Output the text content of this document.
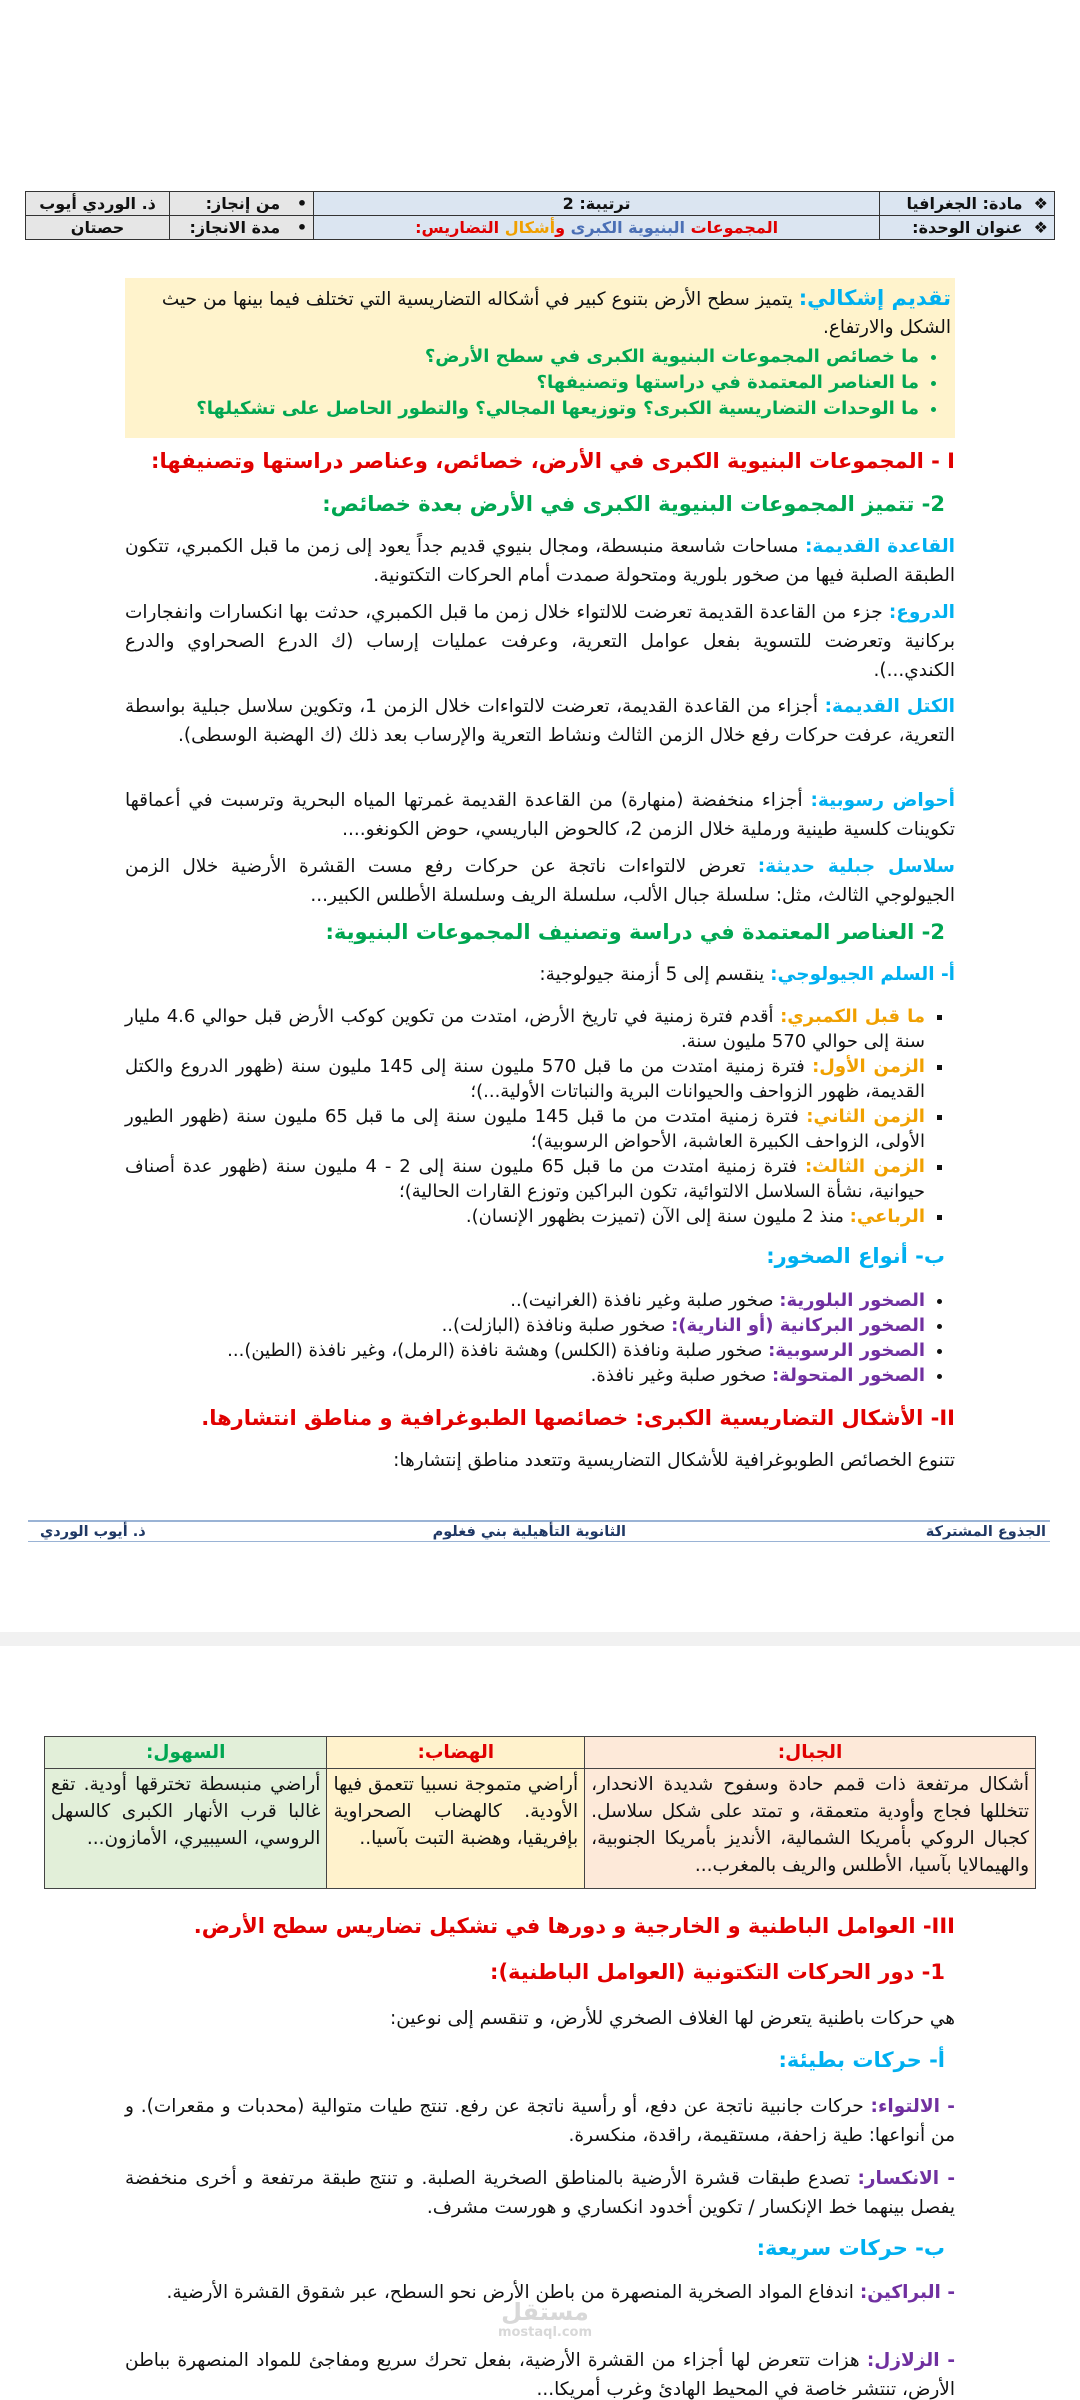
❖  مادة: الجغرافيا	ترتيبة: 2	•   من إنجاز:	ذ. الوردي أيوب
❖  عنوان الوحدة:	المجموعات البنيوية الكبرى وأشكال التضاريس:	•   مدة الانجاز:	حصتان
تقديم إشكالي: يتميز سطح الأرض بتنوع كبير في أشكاله التضاريسية التي تختلف فيما بينها من حيث الشكل والارتفاع.
• ما خصائص المجموعات البنيوية الكبرى في سطح الأرض؟
• ما العناصر المعتمدة في دراستها وتصنيفها؟
• ما الوحدات التضاريسية الكبرى؟ وتوزيعها المجالي؟ والتطور الحاصل على تشكيلها؟
I - المجموعات البنيوية الكبرى في الأرض، خصائص، وعناصر دراستها وتصنيفها:
2- تتميز المجموعات البنيوية الكبرى في الأرض بعدة خصائص:
القاعدة القديمة: مساحات شاسعة منبسطة، ومجال بنيوي قديم جداً يعود إلى زمن ما قبل الكمبري، تتكون الطبقة الصلبة فيها من صخور بلورية ومتحولة صمدت أمام الحركات التكتونية.
الدروع: جزء من القاعدة القديمة تعرضت للالتواء خلال زمن ما قبل الكمبري، حدثت بها انكسارات وانفجارات بركانية وتعرضت للتسوية بفعل عوامل التعرية، وعرفت عمليات إرساب (ك الدرع الصحراوي والدرع الكندي...).
الكتل القديمة: أجزاء من القاعدة القديمة، تعرضت لالتواءات خلال الزمن 1، وتكوين سلاسل جبلية بواسطة التعرية، عرفت حركات رفع خلال الزمن الثالث ونشاط التعرية والإرساب بعد ذلك (ك الهضبة الوسطى).
أحواض رسوبية: أجزاء منخفضة (منهارة) من القاعدة القديمة غمرتها المياه البحرية وترسبت في أعماقها تكوينات كلسية طينية ورملية خلال الزمن 2، كالحوض الباريسي، حوض الكونغو....
سلاسل جبلية حديثة: تعرض لالتواءات ناتجة عن حركات رفع مست القشرة الأرضية خلال الزمن الجيولوجي الثالث، مثل: سلسلة جبال الألب، سلسلة الريف وسلسلة الأطلس الكبير...
2- العناصر المعتمدة في دراسة وتصنيف المجموعات البنيوية:
أ- السلم الجيولوجي: ينقسم إلى 5 أزمنة جيولوجية:
▪ ما قبل الكمبري: أقدم فترة زمنية في تاريخ الأرض، امتدت من تكوين كوكب الأرض قبل حوالي 4.6 مليار سنة إلى حوالي 570 مليون سنة.
▪ الزمن الأول: فترة زمنية امتدت من ما قبل 570 مليون سنة إلى 145 مليون سنة (ظهور الدروع والكتل القديمة، ظهور الزواحف والحيوانات البرية والنباتات الأولية...)؛
▪ الزمن الثاني: فترة زمنية امتدت من ما قبل 145 مليون سنة إلى ما قبل 65 مليون سنة (ظهور الطيور الأولى، الزواحف الكبيرة العاشبة، الأحواض الرسوبية)؛
▪ الزمن الثالث: فترة زمنية امتدت من ما قبل 65 مليون سنة إلى 2 - 4 مليون سنة (ظهور عدة أصناف حيوانية، نشأة السلاسل الالتوائية، تكون البراكين وتوزع القارات الحالية)؛
▪ الرباعي: منذ 2 مليون سنة إلى الآن (تميزت بظهور الإنسان).
ب- أنواع الصخور:
• الصخور البلورية: صخور صلبة وغير نافذة (الغرانيت)..
• الصخور البركانية (أو النارية): صخور صلبة ونافذة (البازلت)..
• الصخور الرسوبية: صخور صلبة ونافذة (الكلس) وهشة نافذة (الرمل)، وغير نافذة (الطين)...
• الصخور المتحولة: صخور صلبة وغير نافذة.
II- الأشكال التضاريسية الكبرى: خصائصها الطبوغرافية و مناطق انتشارها.
تتنوع الخصائص الطوبوغرافية للأشكال التضاريسية وتتعدد مناطق إنتشارها:
الجذوع المشتركة
الثانوية التأهيلية بني فغلوم
ذ. أيوب الوردي
الجبال:	الهضاب:	السهول:
أشكال مرتفعة ذات قمم حادة وسفوح شديدة الانحدار، تتخللها فجاج وأودية متعمقة، و تمتد على شكل سلاسل. كجبال الروكي بأمريكا الشمالية، الأنديز بأمريكا الجنوبية، والهيمالايا بآسيا، الأطلس والريف بالمغرب...	أراضي متموجة نسبيا تتعمق فيها الأودية. كالهضاب الصحراوية بإفريقيا، وهضبة التبت بآسيا..	أراضي منبسطة تخترقها أودية. تقع غالبا قرب الأنهار الكبرى كالسهل الروسي، السيبيري، الأمازون...
III- العوامل الباطنية و الخارجية و دورها في تشكيل تضاريس سطح الأرض.
1- دور الحركات التكتونية (العوامل الباطنية):
هي حركات باطنية يتعرض لها الغلاف الصخري للأرض، و تنقسم إلى نوعين:
أ- حركات بطيئة:
- الالتواء: حركات جانبية ناتجة عن دفع، أو رأسية ناتجة عن رفع. تنتج طيات متوالية (محدبات و مقعرات). و من أنواعها: طية زاحفة، مستقيمة، راقدة، منكسرة.
- الانكسار: تصدع طبقات قشرة الأرضية بالمناطق الصخرية الصلبة. و تنتج طبقة مرتفعة و أخرى منخفضة يفصل بينهما خط الإنكسار / تكوين أخدود انكساري و هورست مشرف.
ب- حركات سريعة:
- البراكين: اندفاع المواد الصخرية المنصهرة من باطن الأرض نحو السطح، عبر شقوق القشرة الأرضية.
- الزلازل: هزات تتعرض لها أجزاء من القشرة الأرضية، بفعل تحرك سريع ومفاجئ للمواد المنصهرة بباطن الأرض، تنتشر خاصة في المحيط الهادئ وغرب أمريكا...
مستقل
mostaql.com
